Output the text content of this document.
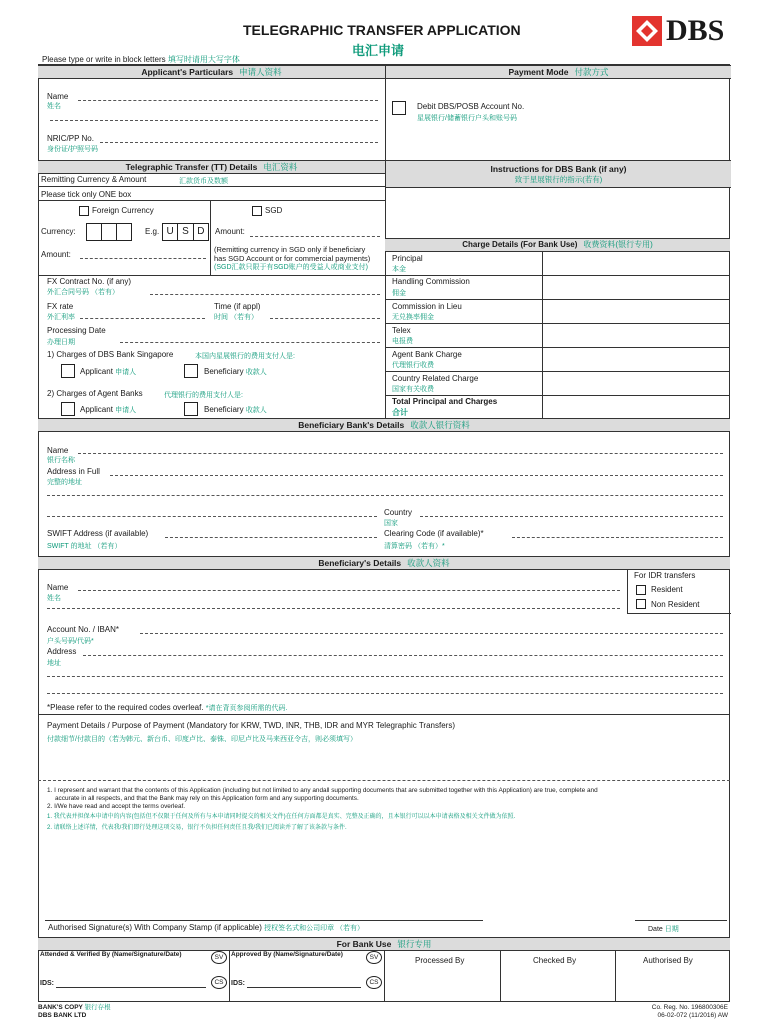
TELEGRAPHIC TRANSFER APPLICATION
电汇申请
DBS
Please type or write in block letters 填写时请用大写字体
Applicant's Particulars 申请人资料	Payment Mode 付款方式
Name
姓名
NRIC/PP No.
身份证/护照号码
Debit DBS/POSB Account No.
星展银行/储蓄银行户头和账号码
Telegraphic Transfer (TT) Details 电汇资料	Instructions for DBS Bank (if any)
致于星展银行的指示(若有)
Remitting Currency & Amount	汇款货币及数额
Please tick only ONE box
Foreign Currency	SGD
Currency:	E.g. U S D	Amount:
Amount:
(Remitting currency in SGD only if beneficiary
has SGD Account or for commercial payments)
(SGD汇款只限于有SGD账户的受益人或商业支付)
FX Contract No. (if any)
外汇合同号码 （若有）
FX rate
外汇利率
Time (if appl)
时间 （若有）
Processing Date
办理日期
1) Charges of DBS Bank Singapore	本国内星展银行的费用支付人是:
Applicant 申请人	Beneficiary 收款人
2) Charges of Agent Banks	代理银行的费用支付人是:
Applicant 申请人	Beneficiary 收款人
Charge Details (For Bank Use) 收费资料(银行专用)
Principal
本金
Handling Commission
佣金
Commission in Lieu
无兑换率佣金
Telex
电报费
Agent Bank Charge
代理银行收费
Country Related Charge
国家有关收费
Total Principal and Charges
合计
Beneficiary Bank's Details 收款人银行资料
Name
银行名称
Address in Full
完整的地址
Country
国家
SWIFT Address (if available)
SWIFT 的地址 （若有）
Clearing Code (if available)*
清算密码 （若有）*
Beneficiary's Details 收款人资料
For IDR transfers
Resident
Non Resident
Name
姓名
Account No. / IBAN*
户头号码/代码*
Address
地址
*Please refer to the required codes overleaf. *请在背页参阅所需的代码.
Payment Details / Purpose of Payment (Mandatory for KRW, TWD, INR, THB, IDR and MYR Telegraphic Transfers)
付款细节/付款目的（若为韩元、新台币、印度卢比、泰铢、印尼卢比及马来西亚令吉，则必须填写）
1. I represent and warrant that the contents of this Application (including but not limited to any andall supporting documents that are submitted together with this Application) are true, complete and
accurate in all respects, and that the Bank may rely on this Application form and any supporting documents.
2. I/We have read and accept the terms overleaf.
1. 我代表并担保本申请中的内容(包括但不仅限于任何及所有与本申请同时提交的相关文件)在任何方面都是真实、完整及正确的，且本银行可以以本申请表格及相关文件做为依照.
2. 请联络上述详情，代表我/我们即行处理这项交易，银行不负担任何责任且我/我们已阅读并了解了该条款与条件.
Authorised Signature(s) With Company Stamp (if applicable) 授权签名式和公司印章 （若有）	Date 日期
For Bank Use 银行专用
Attended & Verified By (Name/Signature/Date)	SV	Approved By (Name/Signature/Date)	SV
IDS:	CS	IDS:	CS
Processed By	Checked By	Authorised By
BANK'S COPY 银行存根
DBS BANK LTD
Co. Reg. No. 196800306E
06-02-072 (11/2016) AW
